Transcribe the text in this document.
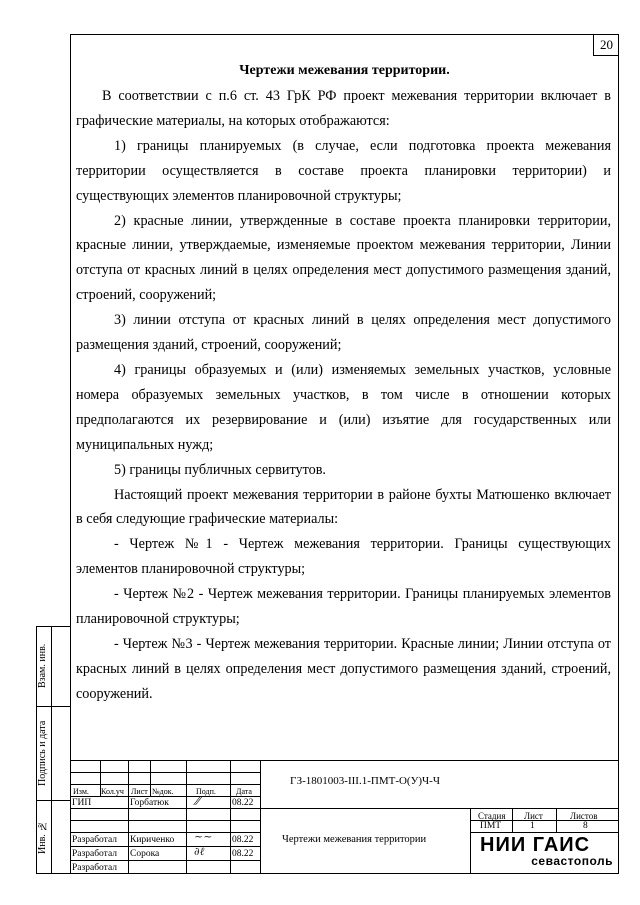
20
Чертежи межевания территории.

В соответствии с п.6 ст. 43 ГрК РФ проект межевания территории включает в графические материалы, на которых отображаются:

1) границы планируемых (в случае, если подготовка проекта межевания территории осуществляется в составе проекта планировки территории) и существующих элементов планировочной структуры;

2) красные линии, утвержденные в составе проекта планировки территории, красные линии, утверждаемые, изменяемые проектом межевания территории, Линии отступа от красных линий в целях определения мест допустимого размещения зданий, строений, сооружений;

3) линии отступа от красных линий в целях определения мест допустимого размещения зданий, строений, сооружений;

4) границы образуемых и (или) изменяемых земельных участков, условные номера образуемых земельных участков, в том числе в отношении которых предполагаются их резервирование и (или) изъятие для государственных или муниципальных нужд;

5) границы публичных сервитутов.

Настоящий проект межевания территории в районе бухты Матюшенко включает в себя следующие графические материалы:

- Чертеж №1 - Чертеж межевания территории. Границы существующих элементов планировочной структуры;

- Чертеж №2 - Чертеж межевания территории. Границы планируемых элементов планировочной структуры;

- Чертеж №3 - Чертеж межевания территории. Красные линии; Линии отступа от красных линий в целях определения мест допустимого размещения зданий, строений, сооружений.

Взам. инв.
Подпись и дата
Инв. №
Изм. Кол.уч Лист №док.	Подп.	Дата
ГЗ-1801003-III.1-ПМТ-О(У)Ч-Ч
ГИП	Горбатюк ⁄⁄	08.22
Разработал Кириченко ~~ 08.22
Разработал Сорока	∂ℓ	08.22
Разработал
Чертежи межевания территории
Стадия Лист	Листов
ПМТ	1	8
НИИ ГАИС
севастополь
